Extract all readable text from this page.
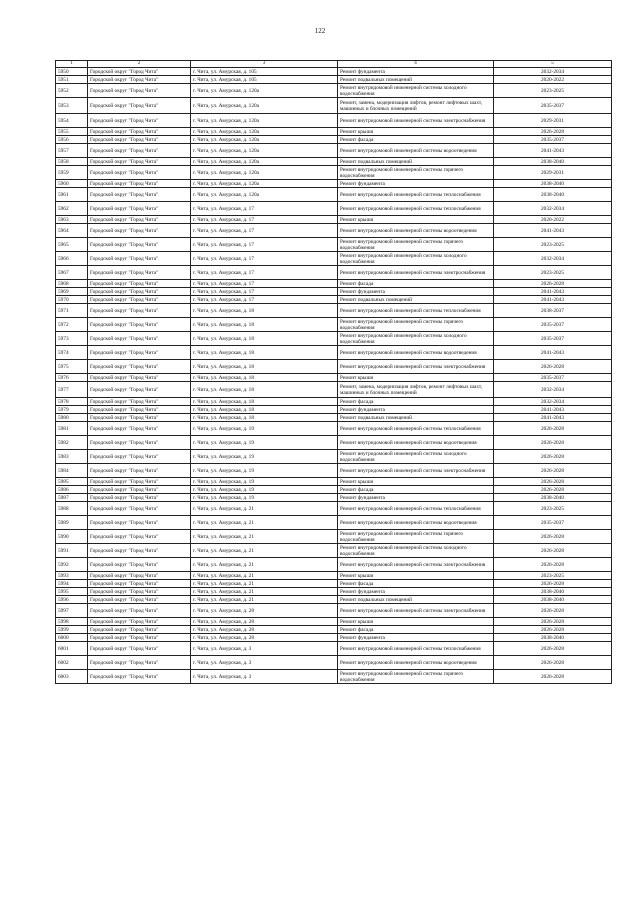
122
1	2	3	4	5
5950	Городской округ "Город Чита"	г. Чита, ул. Амурская, д. 105	Ремонт фундамента	2032-2034
5951	Городской округ "Город Чита"	г. Чита, ул. Амурская, д. 105	Ремонт подвальных помещений	2020-2022
5952	Городской округ "Город Чита"	г. Чита, ул. Амурская, д. 120а	Ремонт внутридомовой инженерной системы холодного водоснабжения	2023-2025
5953	Городской округ "Город Чита"	г. Чита, ул. Амурская, д. 120а	Ремонт, замена, модернизация лифтов, ремонт лифтовых шахт, машинных и блочных помещений	2035-2037
5954	Городской округ "Город Чита"	г. Чита, ул. Амурская, д. 120а	Ремонт внутридомовой инженерной системы электроснабжения	2029-2031
5955	Городской округ "Город Чита"	г. Чита, ул. Амурская, д. 120а	Ремонт крыши	2026-2028
5956	Городской округ "Город Чита"	г. Чита, ул. Амурская, д. 120а	Ремонт фасада	2035-2037
5957	Городской округ "Город Чита"	г. Чита, ул. Амурская, д. 120а	Ремонт внутридомовой инженерной системы водоотведения	2041-2043
5958	Городской округ "Город Чита"	г. Чита, ул. Амурская, д. 120а	Ремонт подвальных помещений	2038-2040
5959	Городской округ "Город Чита"	г. Чита, ул. Амурская, д. 120а	Ремонт внутридомовой инженерной системы горячего водоснабжения	2029-2031
5960	Городской округ "Город Чита"	г. Чита, ул. Амурская, д. 120а	Ремонт фундамента	2038-2040
5961	Городской округ "Город Чита"	г. Чита, ул. Амурская, д. 120а	Ремонт внутридомовой инженерной системы теплоснабжения	2038-2040
5962	Городской округ "Город Чита"	г. Чита, ул. Амурская, д. 17	Ремонт внутридомовой инженерной системы теплоснабжения	2032-2034
5963	Городской округ "Город Чита"	г. Чита, ул. Амурская, д. 17	Ремонт крыши	2020-2022
5964	Городской округ "Город Чита"	г. Чита, ул. Амурская, д. 17	Ремонт внутридомовой инженерной системы водоотведения	2041-2043
5965	Городской округ "Город Чита"	г. Чита, ул. Амурская, д. 17	Ремонт внутридомовой инженерной системы горячего водоснабжения	2023-2025
5966	Городской округ "Город Чита"	г. Чита, ул. Амурская, д. 17	Ремонт внутридомовой инженерной системы холодного водоснабжения	2032-2034
5967	Городской округ "Город Чита"	г. Чита, ул. Амурская, д. 17	Ремонт внутридомовой инженерной системы электроснабжения	2023-2025
5968	Городской округ "Город Чита"	г. Чита, ул. Амурская, д. 17	Ремонт фасада	2026-2028
5969	Городской округ "Город Чита"	г. Чита, ул. Амурская, д. 17	Ремонт фундамента	2041-2043
5970	Городской округ "Город Чита"	г. Чита, ул. Амурская, д. 17	Ремонт подвальных помещений	2041-2043
5971	Городской округ "Город Чита"	г. Чита, ул. Амурская, д. 18	Ремонт внутридомовой инженерной системы теплоснабжения	2038-2037
5972	Городской округ "Город Чита"	г. Чита, ул. Амурская, д. 18	Ремонт внутридомовой инженерной системы горячего водоснабжения	2035-2037
5973	Городской округ "Город Чита"	г. Чита, ул. Амурская, д. 18	Ремонт внутридомовой инженерной системы холодного водоснабжения	2035-2037
5974	Городской округ "Город Чита"	г. Чита, ул. Амурская, д. 18	Ремонт внутридомовой инженерной системы водоотведения	2041-2043
5975	Городской округ "Город Чита"	г. Чита, ул. Амурская, д. 18	Ремонт внутридомовой инженерной системы электроснабжения	2026-2028
5976	Городской округ "Город Чита"	г. Чита, ул. Амурская, д. 18	Ремонт крыши	2035-2037
5977	Городской округ "Город Чита"	г. Чита, ул. Амурская, д. 18	Ремонт, замена, модернизация лифтов, ремонт лифтовых шахт, машинных и блочных помещений	2032-2034
5978	Городской округ "Город Чита"	г. Чита, ул. Амурская, д. 18	Ремонт фасада	2032-2034
5979	Городской округ "Город Чита"	г. Чита, ул. Амурская, д. 18	Ремонт фундамента	2041-2043
5980	Городской округ "Город Чита"	г. Чита, ул. Амурская, д. 18	Ремонт подвальных помещений	2041-2043
5981	Городской округ "Город Чита"	г. Чита, ул. Амурская, д. 19	Ремонт внутридомовой инженерной системы теплоснабжения	2026-2028
5982	Городской округ "Город Чита"	г. Чита, ул. Амурская, д. 19	Ремонт внутридомовой инженерной системы водоотведения	2026-2028
5983	Городской округ "Город Чита"	г. Чита, ул. Амурская, д. 19	Ремонт внутридомовой инженерной системы холодного водоснабжения	2026-2028
5984	Городской округ "Город Чита"	г. Чита, ул. Амурская, д. 19	Ремонт внутридомовой инженерной системы электроснабжения	2026-2028
5985	Городской округ "Город Чита"	г. Чита, ул. Амурская, д. 19	Ремонт крыши	2026-2028
5986	Городской округ "Город Чита"	г. Чита, ул. Амурская, д. 19	Ремонт фасада	2026-2028
5987	Городской округ "Город Чита"	г. Чита, ул. Амурская, д. 19	Ремонт фундамента	2038-2040
5988	Городской округ "Город Чита"	г. Чита, ул. Амурская, д. 21	Ремонт внутридомовой инженерной системы теплоснабжения	2023-2025
5989	Городской округ "Город Чита"	г. Чита, ул. Амурская, д. 21	Ремонт внутридомовой инженерной системы водоотведения	2035-2037
5990	Городской округ "Город Чита"	г. Чита, ул. Амурская, д. 21	Ремонт внутридомовой инженерной системы горячего водоснабжения	2026-2028
5991	Городской округ "Город Чита"	г. Чита, ул. Амурская, д. 21	Ремонт внутридомовой инженерной системы холодного водоснабжения	2026-2028
5992	Городской округ "Город Чита"	г. Чита, ул. Амурская, д. 21	Ремонт внутридомовой инженерной системы электроснабжения	2026-2028
5993	Городской округ "Город Чита"	г. Чита, ул. Амурская, д. 21	Ремонт крыши	2023-2025
5994	Городской округ "Город Чита"	г. Чита, ул. Амурская, д. 21	Ремонт фасада	2026-2028
5995	Городской округ "Город Чита"	г. Чита, ул. Амурская, д. 21	Ремонт фундамента	2038-2040
5996	Городской округ "Город Чита"	г. Чита, ул. Амурская, д. 21	Ремонт подвальных помещений	2038-2040
5997	Городской округ "Город Чита"	г. Чита, ул. Амурская, д. 28	Ремонт внутридомовой инженерной системы электроснабжения	2026-2028
5998	Городской округ "Город Чита"	г. Чита, ул. Амурская, д. 28	Ремонт крыши	2026-2028
5999	Городской округ "Город Чита"	г. Чита, ул. Амурская, д. 28	Ремонт фасада	2026-2028
6000	Городской округ "Город Чита"	г. Чита, ул. Амурская, д. 28	Ремонт фундамента	2038-2040
6001	Городской округ "Город Чита"	г. Чита, ул. Амурская, д. 3	Ремонт внутридомовой инженерной системы теплоснабжения	2026-2028
6002	Городской округ "Город Чита"	г. Чита, ул. Амурская, д. 3	Ремонт внутридомовой инженерной системы водоотведения	2026-2028
6003	Городской округ "Город Чита"	г. Чита, ул. Амурская, д. 3	Ремонт внутридомовой инженерной системы горячего водоснабжения	2026-2028
